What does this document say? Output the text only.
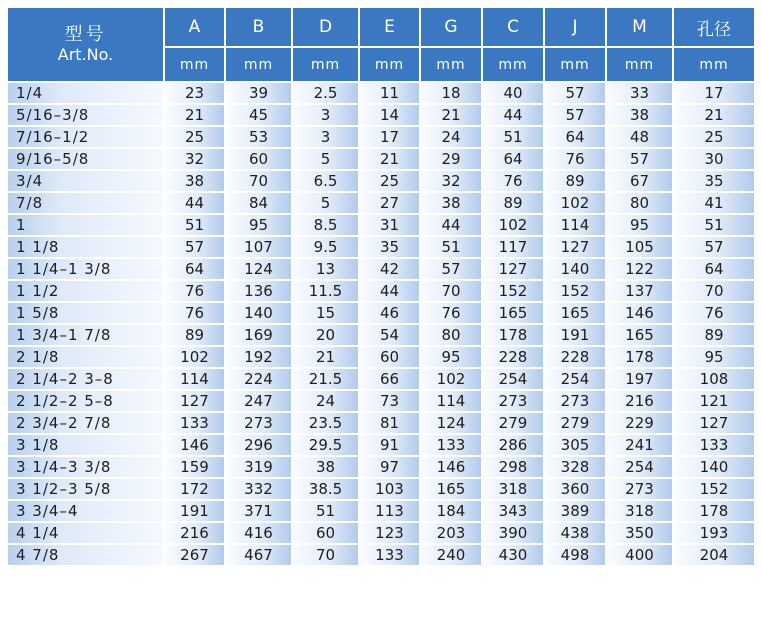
型号
Art.No.	A	B	D	E	G	C	J	M	孔径
	mm	mm	mm	mm	mm	mm	mm	mm	mm
1/4	23	39	2.5	11	18	40	57	33	17
5/16–3/8	21	45	3	14	21	44	57	38	21
7/16–1/2	25	53	3	17	24	51	64	48	25
9/16–5/8	32	60	5	21	29	64	76	57	30
3/4	38	70	6.5	25	32	76	89	67	35
7/8	44	84	5	27	38	89	102	80	41
1	51	95	8.5	31	44	102	114	95	51
1 1/8	57	107	9.5	35	51	117	127	105	57
1 1/4–1 3/8	64	124	13	42	57	127	140	122	64
1 1/2	76	136	11.5	44	70	152	152	137	70
1 5/8	76	140	15	46	76	165	165	146	76
1 3/4–1 7/8	89	169	20	54	80	178	191	165	89
2 1/8	102	192	21	60	95	228	228	178	95
2 1/4–2 3–8	114	224	21.5	66	102	254	254	197	108
2 1/2–2 5–8	127	247	24	73	114	273	273	216	121
2 3/4–2 7/8	133	273	23.5	81	124	279	279	229	127
3 1/8	146	296	29.5	91	133	286	305	241	133
3 1/4–3 3/8	159	319	38	97	146	298	328	254	140
3 1/2–3 5/8	172	332	38.5	103	165	318	360	273	152
3 3/4–4	191	371	51	113	184	343	389	318	178
4 1/4	216	416	60	123	203	390	438	350	193
4 7/8	267	467	70	133	240	430	498	400	204
